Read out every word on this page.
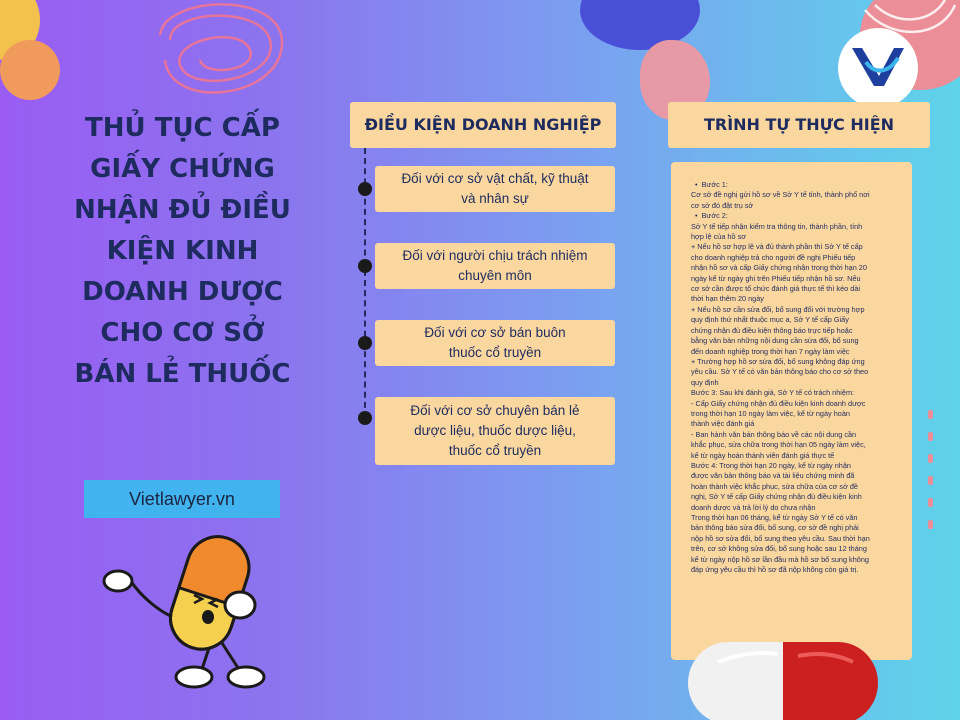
THỦ TỤC CẤP
GIẤY CHỨNG
NHẬN ĐỦ ĐIỀU
KIỆN KINH
DOANH DƯỢC
CHO CƠ SỞ
BÁN LẺ THUỐC
Vietlawyer.vn
ĐIỀU KIỆN DOANH NGHIỆP
Đối với cơ sở vật chất, kỹ thuật
và nhân sự
Đối với người chịu trách nhiệm
chuyên môn
Đối với cơ sở bán buôn
thuốc cổ truyền
Đối với cơ sở chuyên bán lẻ
dược liệu, thuốc dược liệu,
thuốc cổ truyền
TRÌNH TỰ THỰC HIỆN
• Bước 1:
Cơ sở đề nghị gửi hồ sơ về Sở Y tế tỉnh, thành phố nơi
cơ sở đó đặt trụ sở
• Bước 2:
Sở Y tế tiếp nhận kiểm tra thông tin, thành phần, tính
hợp lệ của hồ sơ
+ Nếu hồ sơ hợp lệ và đủ thành phần thì Sở Y tế cấp
cho doanh nghiệp trả cho người đề nghị Phiếu tiếp
nhận hồ sơ và cấp Giấy chứng nhận trong thời hạn 20
ngày kể từ ngày ghi trên Phiếu tiếp nhận hồ sơ. Nếu
cơ sở cần được tổ chức đánh giá thực tế thì kéo dài
thời hạn thêm 20 ngày
+ Nếu hồ sơ cần sửa đổi, bổ sung đối với trường hợp
quy định thứ nhất thuộc mục a, Sở Y tế cấp Giấy
chứng nhận đủ điều kiện thông báo trực tiếp hoặc
bằng văn bản những nội dung cần sửa đổi, bổ sung
đến doanh nghiệp trong thời hạn 7 ngày làm việc
+ Trường hợp hồ sơ sửa đổi, bổ sung không đáp ứng
yêu cầu. Sở Y tế có văn bản thông báo cho cơ sở theo
quy định
Bước 3: Sau khi đánh giá, Sở Y tế có trách nhiệm:
- Cấp Giấy chứng nhận đủ điều kiện kinh doanh dược
trong thời hạn 10 ngày làm việc, kể từ ngày hoàn
thành việc đánh giá
- Ban hành văn bản thông báo về các nội dung cần
khắc phục, sửa chữa trong thời hạn 05 ngày làm việc,
kể từ ngày hoàn thành viên đánh giá thực tế
Bước 4: Trong thời hạn 20 ngày, kể từ ngày nhận
được văn bản thông báo và tài liệu chứng minh đã
hoàn thành việc khắc phục, sửa chữa của cơ sở đề
nghị, Sở Y tế cấp Giấy chứng nhận đủ điều kiện kinh
doanh dược và trả lời lý do chưa nhận
Trong thời hạn 06 tháng, kể từ ngày Sở Y tế có văn
bản thông báo sửa đổi, bổ sung, cơ sở đề nghị phải
nộp hồ sơ sửa đổi, bổ sung theo yêu cầu. Sau thời hạn
trên, cơ sở không sửa đổi, bổ sung hoặc sau 12 tháng
kể từ ngày nộp hồ sơ lần đầu mà hồ sơ bổ sung không
đáp ứng yêu cầu thì hồ sơ đã nộp không còn giá trị.
